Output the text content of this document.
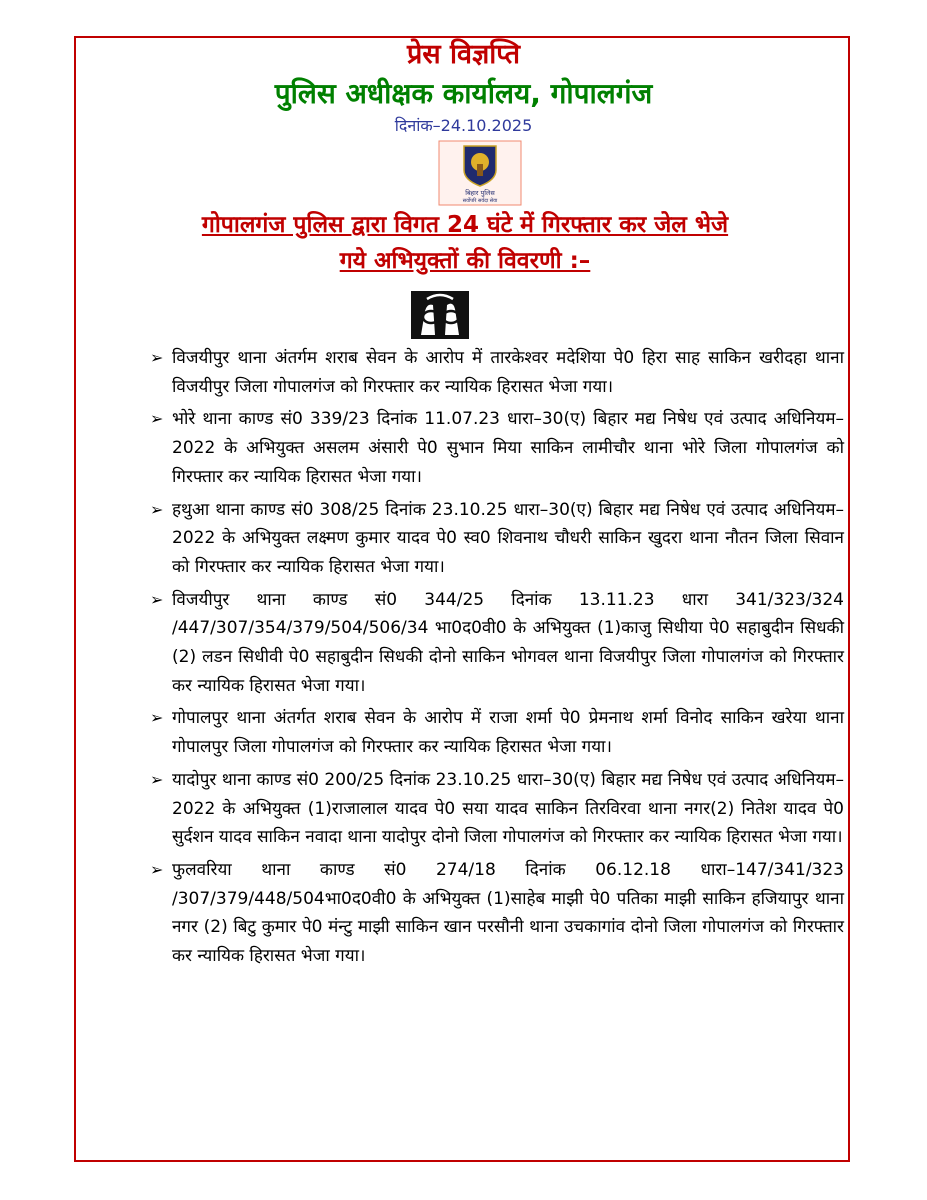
प्रेस विज्ञप्ति
पुलिस अधीक्षक कार्यालय, गोपालगंज
दिनांक–24.10.2025
बिहार पुलिस
सर्वोपरि सर्वदा सेवा
गोपालगंज पुलिस द्वारा विगत 24 घंटे में गिरफ्तार कर जेल भेजे
गये अभियुक्तों की विवरणी :–
➢ विजयीपुर थाना अंतर्गम शराब सेवन के आरोप में तारकेश्वर मदेशिया पे0 हिरा साह साकिन खरीदहा थाना विजयीपुर जिला गोपालगंज को गिरफ्तार कर न्यायिक हिरासत भेजा गया।
➢ भोरे थाना काण्ड सं0 339/23 दिनांक 11.07.23 धारा–30(ए) बिहार मद्य निषेध एवं उत्पाद अधिनियम–2022 के अभियुक्त असलम अंसारी पे0 सुभान मिया साकिन लामीचौर थाना भोरे जिला गोपालगंज को गिरफ्तार कर न्यायिक हिरासत भेजा गया।
➢ हथुआ थाना काण्ड सं0 308/25 दिनांक 23.10.25 धारा–30(ए) बिहार मद्य निषेध एवं उत्पाद अधिनियम–2022 के अभियुक्त लक्ष्मण कुमार यादव पे0 स्व0 शिवनाथ चौधरी साकिन खुदरा थाना नौतन जिला सिवान को गिरफ्तार कर न्यायिक हिरासत भेजा गया।
➢ विजयीपुर थाना काण्ड सं0 344/25 दिनांक 13.11.23 धारा 341/323/324 /447/307/354/379/504/506/34 भा0द0वी0 के अभियुक्त (1)काजु सिधीया पे0 सहाबुदीन सिधकी (2) लडन सिधीवी पे0 सहाबुदीन सिधकी दोनो साकिन भोगवल थाना विजयीपुर जिला गोपालगंज को गिरफ्तार कर न्यायिक हिरासत भेजा गया।
➢ गोपालपुर थाना अंतर्गत शराब सेवन के आरोप में राजा शर्मा पे0 प्रेमनाथ शर्मा विनोद साकिन खरेया थाना गोपालपुर जिला गोपालगंज को गिरफ्तार कर न्यायिक हिरासत भेजा गया।
➢ यादोपुर थाना काण्ड सं0 200/25 दिनांक 23.10.25 धारा–30(ए) बिहार मद्य निषेध एवं उत्पाद अधिनियम–2022 के अभियुक्त (1)राजालाल यादव पे0 सया यादव साकिन तिरविरवा थाना नगर(2) नितेश यादव पे0 सुर्दशन यादव साकिन नवादा थाना यादोपुर दोनो जिला गोपालगंज को गिरफ्तार कर न्यायिक हिरासत भेजा गया।
➢ फुलवरिया थाना काण्ड सं0 274/18 दिनांक 06.12.18 धारा–147/341/323 /307/379/448/504भा0द0वी0 के अभियुक्त (1)साहेब माझी पे0 पतिका माझी साकिन हजियापुर थाना नगर (2) बिटु कुमार पे0 मंन्टु माझी साकिन खान परसौनी थाना उचकागांव दोनो जिला गोपालगंज को गिरफ्तार कर न्यायिक हिरासत भेजा गया।
